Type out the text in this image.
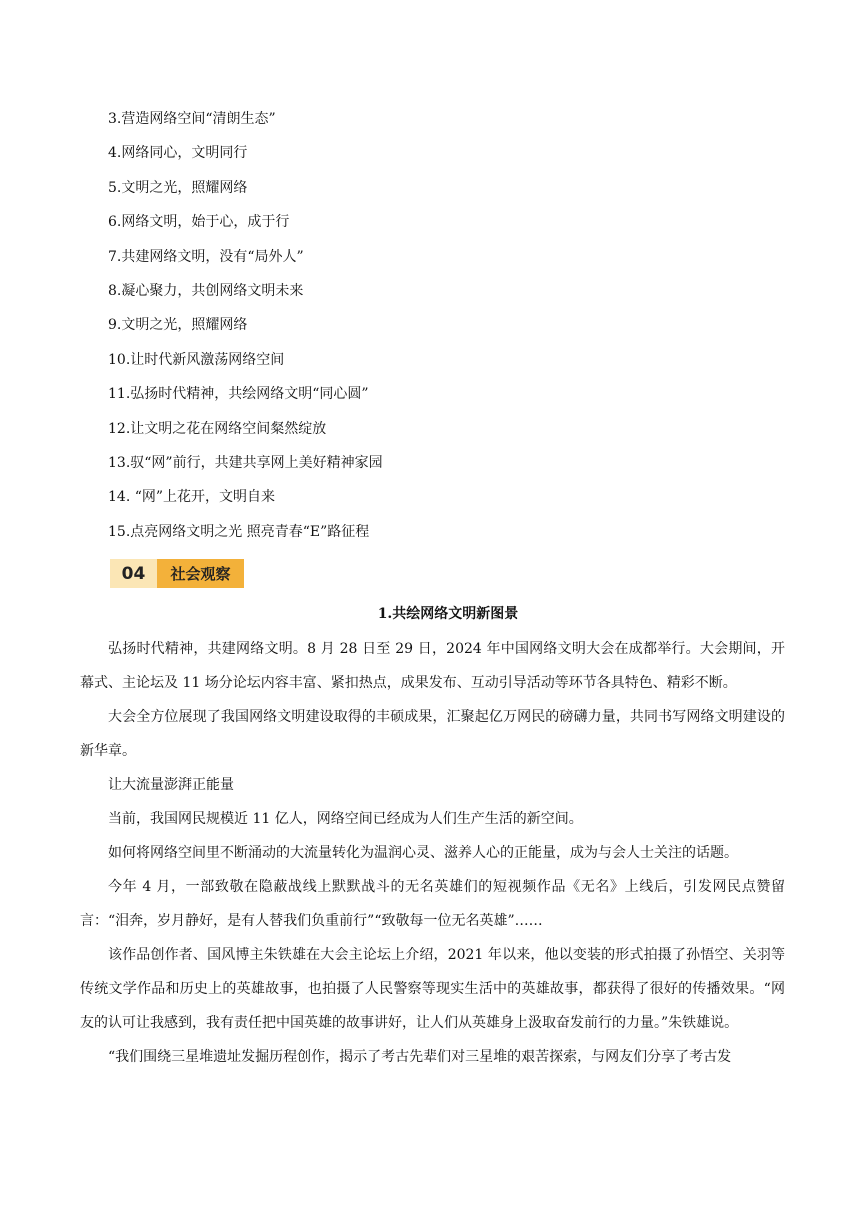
3.营造网络空间“清朗生态”
4.网络同心，文明同行
5.文明之光，照耀网络
6.网络文明，始于心，成于行
7.共建网络文明，没有“局外人”
8.凝心聚力，共创网络文明未来
9.文明之光，照耀网络
10.让时代新风激荡网络空间
11.弘扬时代精神，共绘网络文明“同心圆”
12.让文明之花在网络空间粲然绽放
13.驭“网”前行，共建共享网上美好精神家园
14. “网”上花开，文明自来
15.点亮网络文明之光 照亮青春“E”路征程
04	社会观察
1.共绘网络文明新图景

弘扬时代精神，共建网络文明。8 月 28 日至 29 日，2024 年中国网络文明大会在成都举行。大会期间，开幕式、主论坛及 11 场分论坛内容丰富、紧扣热点，成果发布、互动引导活动等环节各具特色、精彩不断。

大会全方位展现了我国网络文明建设取得的丰硕成果，汇聚起亿万网民的磅礴力量，共同书写网络文明建设的新华章。

让大流量澎湃正能量

当前，我国网民规模近 11 亿人，网络空间已经成为人们生产生活的新空间。

如何将网络空间里不断涌动的大流量转化为温润心灵、滋养人心的正能量，成为与会人士关注的话题。

今年 4 月，一部致敬在隐蔽战线上默默战斗的无名英雄们的短视频作品《无名》上线后，引发网民点赞留言：“泪奔，岁月静好，是有人替我们负重前行”“致敬每一位无名英雄”……

该作品创作者、国风博主朱铁雄在大会主论坛上介绍，2021 年以来，他以变装的形式拍摄了孙悟空、关羽等传统文学作品和历史上的英雄故事，也拍摄了人民警察等现实生活中的英雄故事，都获得了很好的传播效果。“网友的认可让我感到，我有责任把中国英雄的故事讲好，让人们从英雄身上汲取奋发前行的力量。”朱铁雄说。

“我们围绕三星堆遗址发掘历程创作，揭示了考古先辈们对三星堆的艰苦探索，与网友们分享了考古发
